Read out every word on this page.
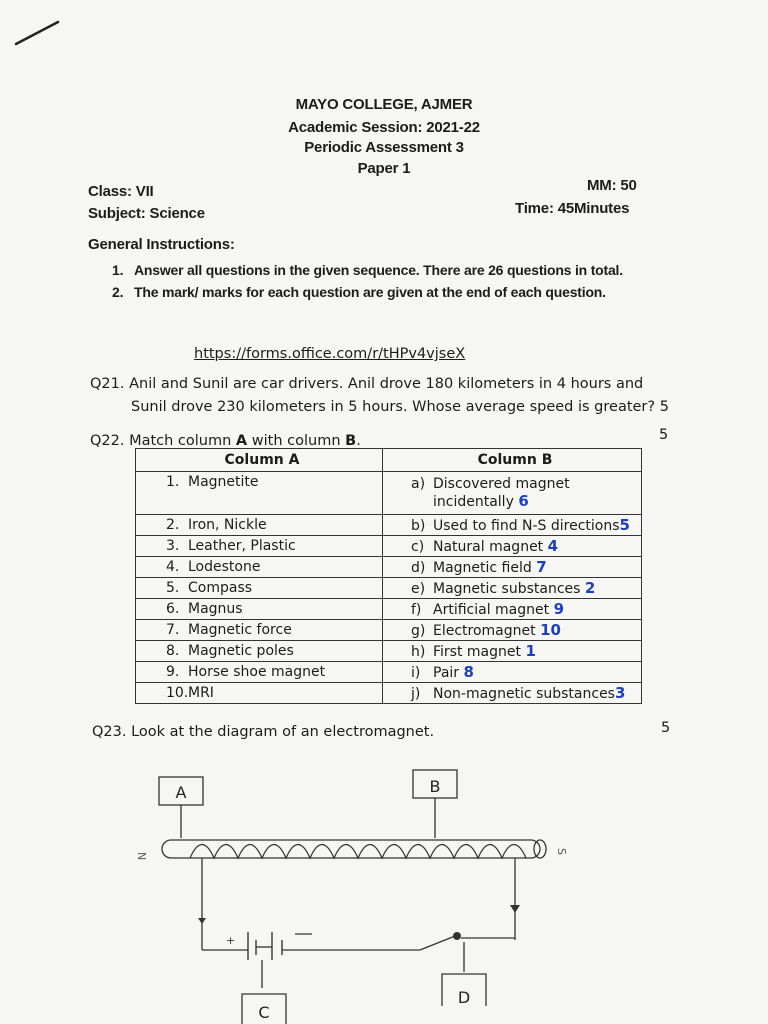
MAYO COLLEGE, AJMER
Academic Session: 2021-22
Periodic Assessment 3
Paper 1
Class: VII
Subject: Science
MM: 50
Time: 45Minutes
General Instructions:
1. Answer all questions in the given sequence. There are 26 questions in total.
2. The mark/ marks for each question are given at the end of each question.
https://forms.office.com/r/tHPv4vjseX
Q21. Anil and Sunil are car drivers. Anil drove 180 kilometers in 4 hours and
Sunil drove 230 kilometers in 5 hours. Whose average speed is greater? 5
Q22. Match column A with column B.	5
Column A	Column B
1. Magnetite	a) Discovered magnet
incidentally 6

2. Iron, Nickle	b) Used to find N-S directions5
3. Leather, Plastic	c) Natural magnet 4
4. Lodestone	d) Magnetic field 7
5. Compass	e) Magnetic substances 2
6. Magnus	f) Artificial magnet 9
7. Magnetic force	g) Electromagnet 10
8. Magnetic poles	h) First magnet 1
9. Horse shoe magnet	i) Pair 8
10.MRI	j) Non-magnetic substances3
Q23. Look at the diagram of an electromagnet.	5
A	B
N
S
+
C
D
